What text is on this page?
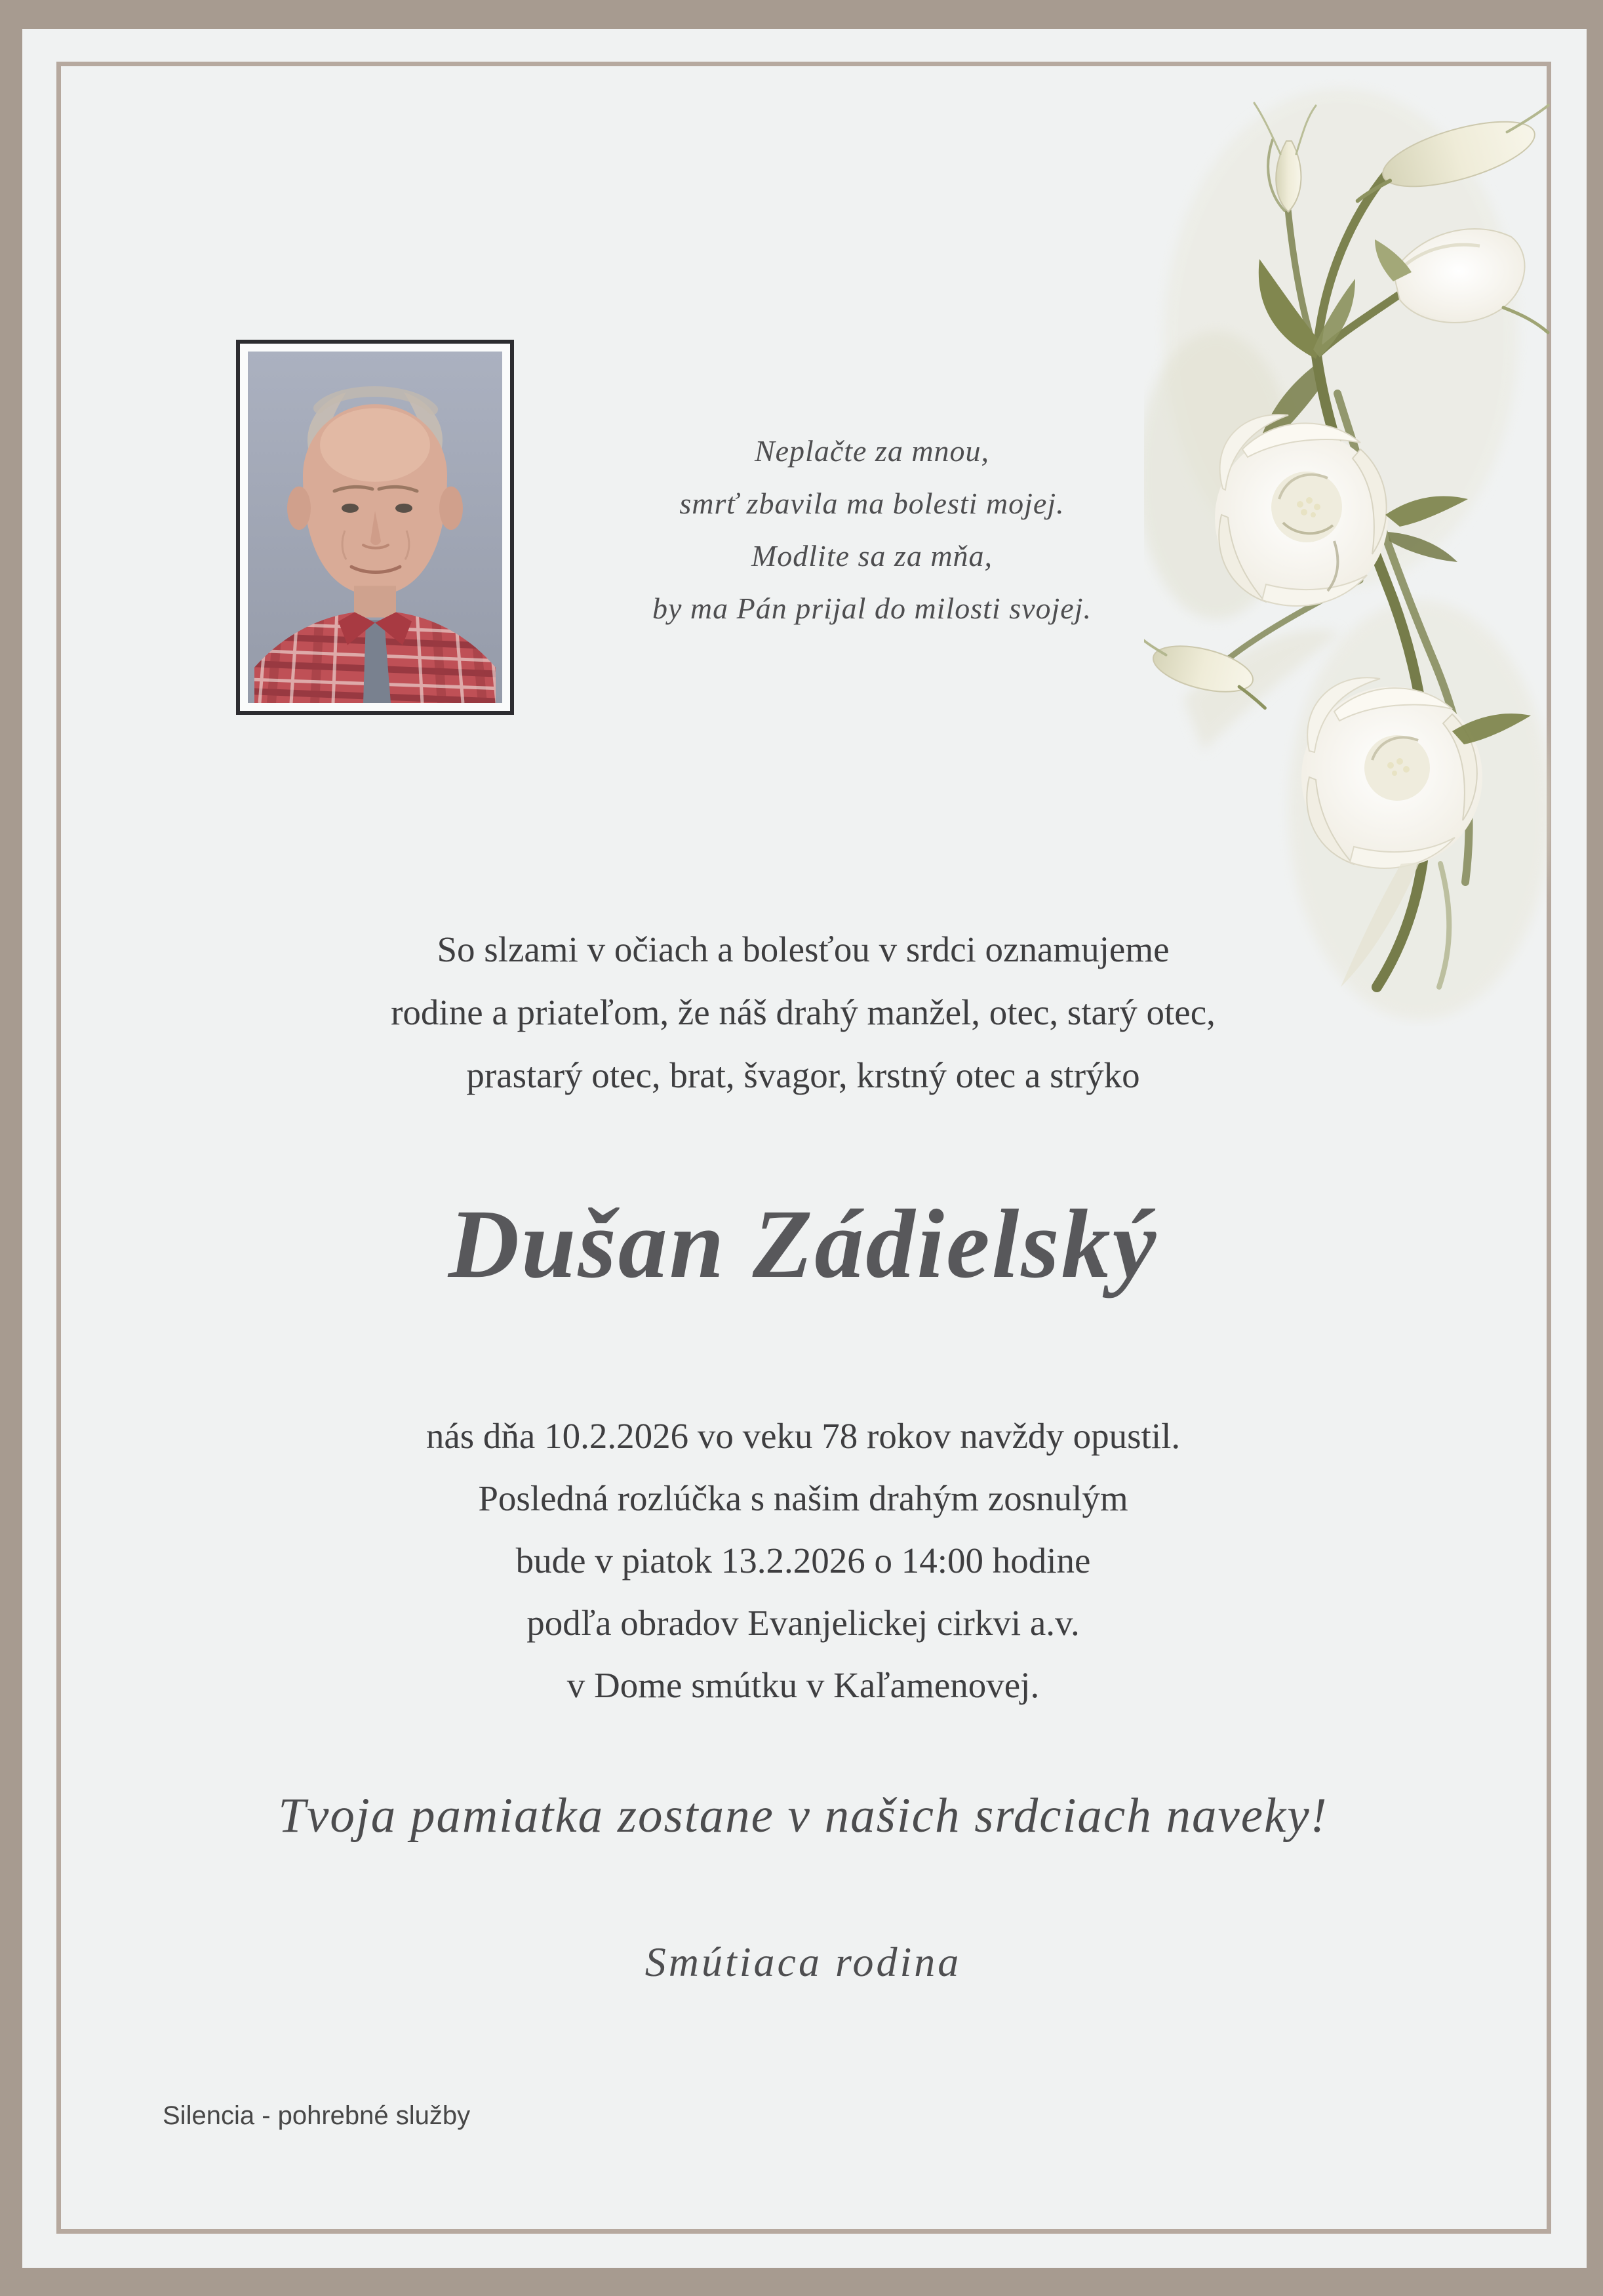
Neplačte za mnou,
smrť zbavila ma bolesti mojej.
Modlite sa za mňa,
by ma Pán prijal do milosti svojej.
So slzami v očiach a bolesťou v srdci oznamujeme
rodine a priateľom, že náš drahý manžel, otec, starý otec,
prastarý otec, brat, švagor, krstný otec a strýko
Dušan Zádielský
nás dňa 10.2.2026 vo veku 78 rokov navždy opustil.
Posledná rozlúčka s našim drahým zosnulým
bude v piatok 13.2.2026 o 14:00 hodine
podľa obradov Evanjelickej cirkvi a.v.
v Dome smútku v Kaľamenovej.
Tvoja pamiatka zostane v našich srdciach naveky!
Smútiaca rodina
Silencia - pohrebné služby
